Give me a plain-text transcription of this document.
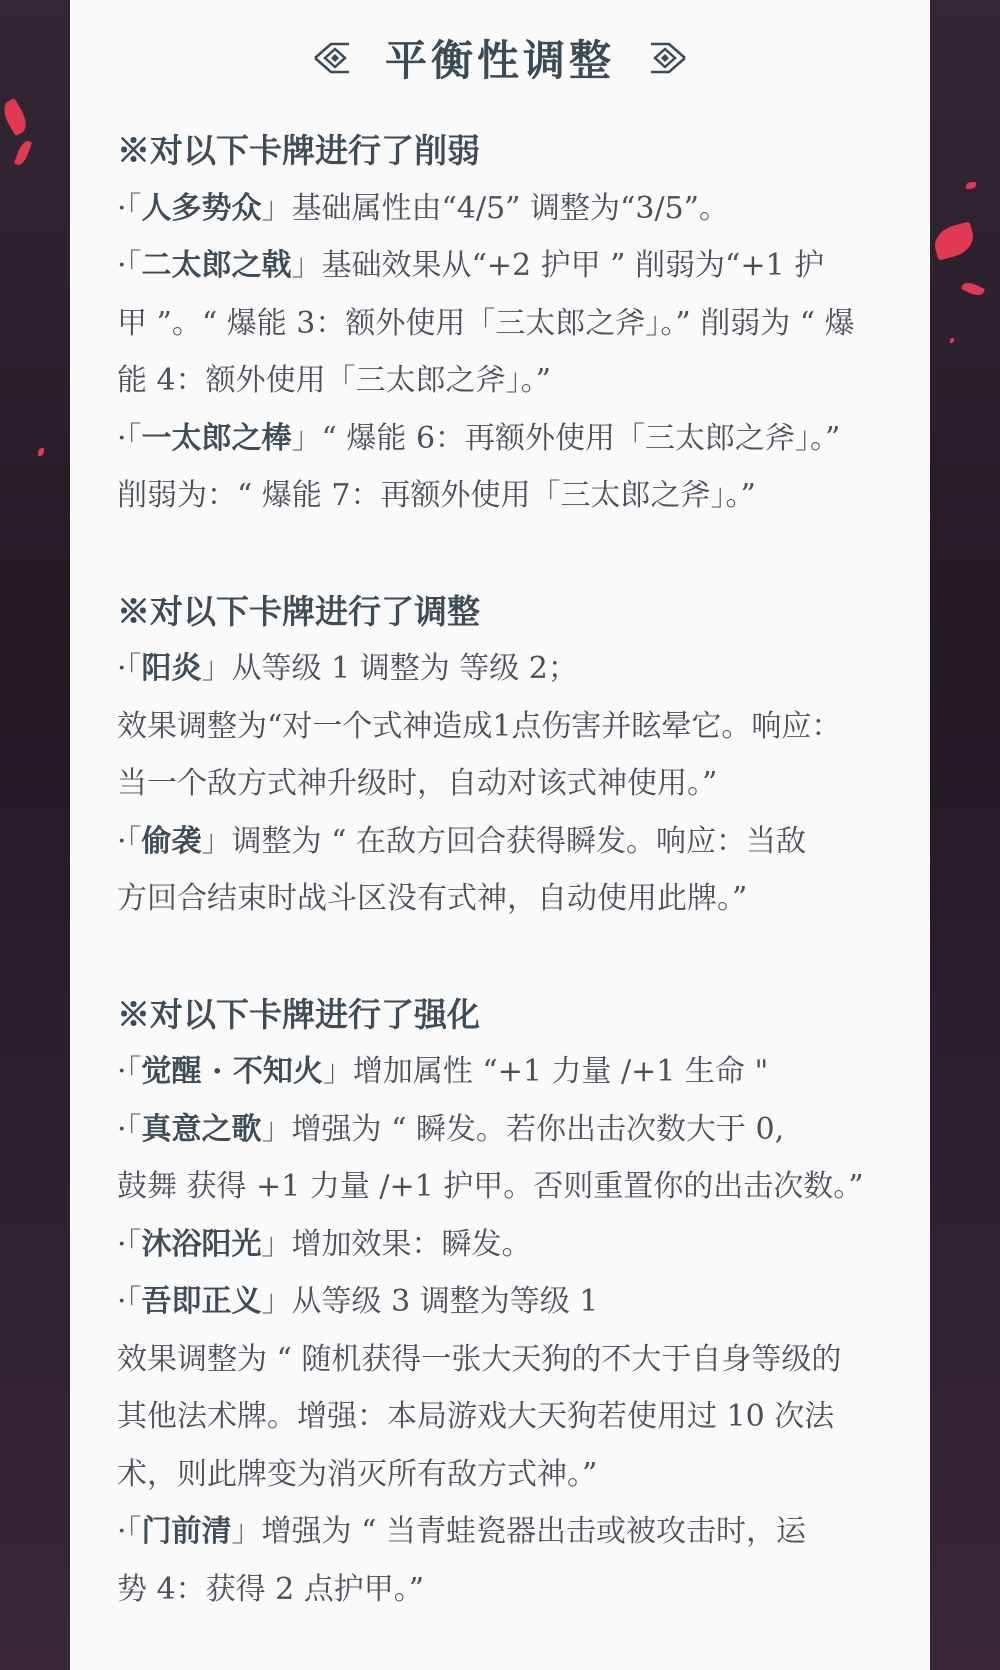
平衡性调整
※对以下卡牌进行了削弱
·「人多势众」基础属性由“4/5” 调整为“3/5”。
·「二太郎之戟」基础效果从“+2 护甲 ” 削弱为“+1 护
甲 ”。“ 爆能 3：额外使用「三太郎之斧」。” 削弱为 “ 爆
能 4：额外使用「三太郎之斧」。”
·「一太郎之棒」“ 爆能 6：再额外使用「三太郎之斧」。”
削弱为：“ 爆能 7：再额外使用「三太郎之斧」。”
※对以下卡牌进行了调整
·「阳炎」从等级 1 调整为 等级 2；
效果调整为“对一个式神造成1点伤害并眩晕它。响应：
当一个敌方式神升级时，自动对该式神使用。”
·「偷袭」调整为 “ 在敌方回合获得瞬发。响应：当敌
方回合结束时战斗区没有式神，自动使用此牌。”
※对以下卡牌进行了强化
·「觉醒 · 不知火」增加属性 “+1 力量 /+1 生命 "
·「真意之歌」增强为 “ 瞬发。若你出击次数大于 0,
鼓舞 获得 +1 力量 /+1 护甲。否则重置你的出击次数。”
·「沐浴阳光」增加效果：瞬发。
·「吾即正义」从等级 3 调整为等级 1
效果调整为 “ 随机获得一张大天狗的不大于自身等级的
其他法术牌。增强：本局游戏大天狗若使用过 10 次法
术，则此牌变为消灭所有敌方式神。”
·「门前清」增强为 “ 当青蛙瓷器出击或被攻击时，运
势 4：获得 2 点护甲。”
